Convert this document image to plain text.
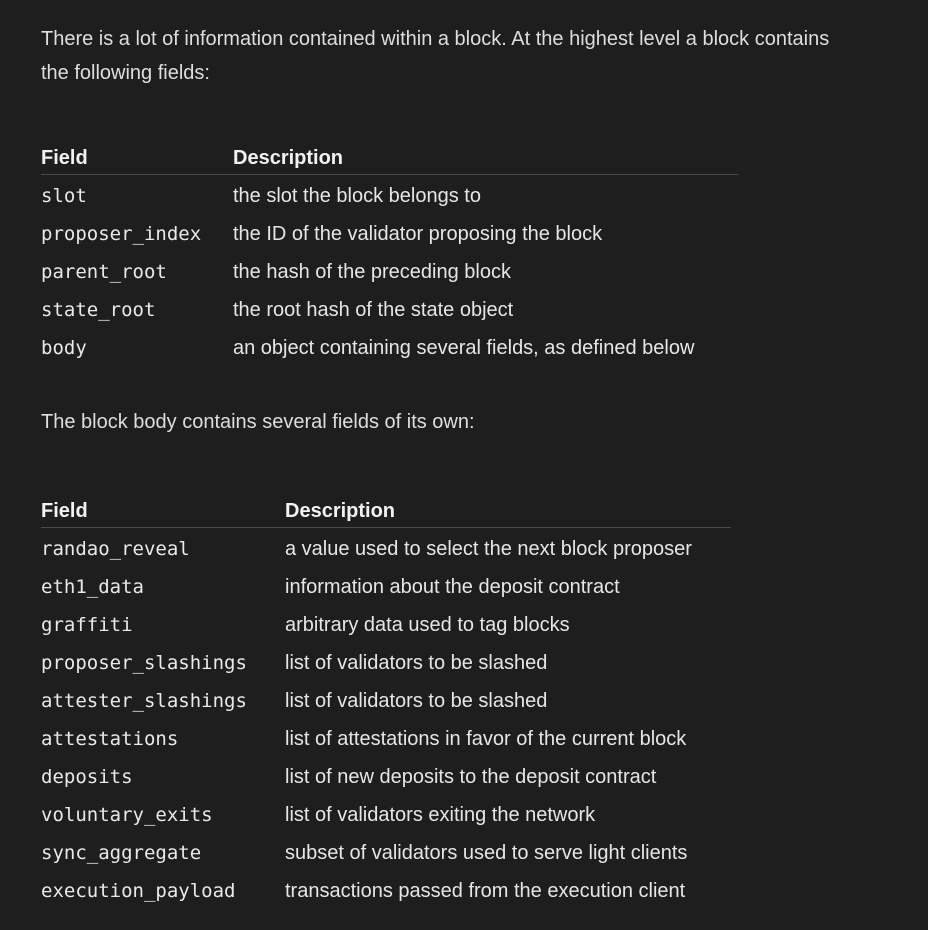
There is a lot of information contained within a block. At the highest level a block contains the following fields:

Field	Description
slot	the slot the block belongs to
proposer_index	the ID of the validator proposing the block
parent_root	the hash of the preceding block
state_root	the root hash of the state object
body	an object containing several fields, as defined below

The block body contains several fields of its own:

Field	Description
randao_reveal	a value used to select the next block proposer
eth1_data	information about the deposit contract
graffiti	arbitrary data used to tag blocks
proposer_slashings	list of validators to be slashed
attester_slashings	list of validators to be slashed
attestations	list of attestations in favor of the current block
deposits	list of new deposits to the deposit contract
voluntary_exits	list of validators exiting the network
sync_aggregate	subset of validators used to serve light clients
execution_payload	transactions passed from the execution client
